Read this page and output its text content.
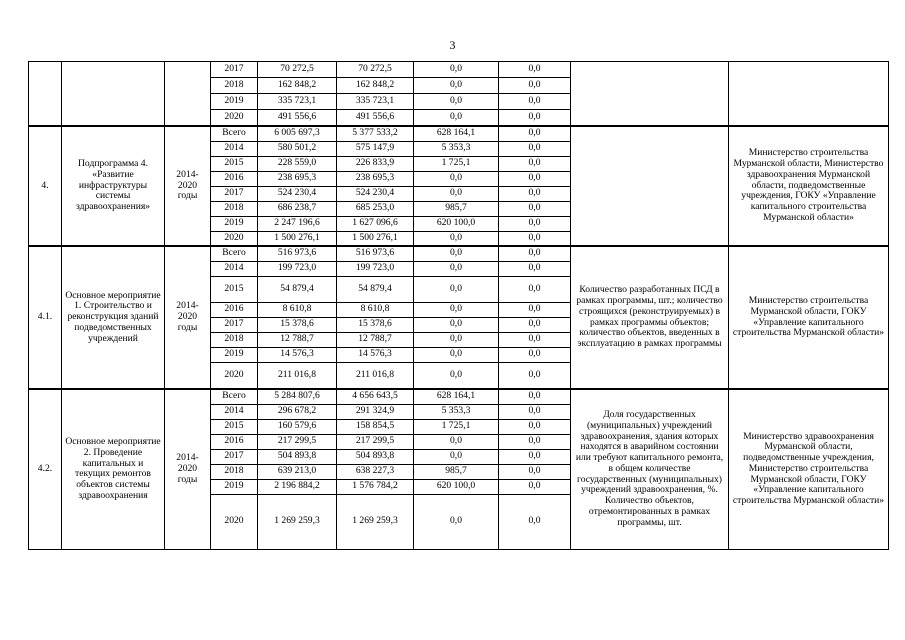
3
			2017	70 272,5	70 272,5	0,0	0,0		
			2018	162 848,2	162 848,2	0,0	0,0		
			2019	335 723,1	335 723,1	0,0	0,0		
			2020	491 556,6	491 556,6	0,0	0,0		
4.	Подпрограмма 4. «Развитие инфраструктуры системы здравоохранения»	2014-2020 годы	Всего	6 005 697,3	5 377 533,2	628 164,1	0,0		Министерство строительства Мурманской области, Министерство здравоохранения Мурманской области, подведомственные учреждения, ГОКУ «Управление капитального строительства Мурманской области»
			2014	580 501,2	575 147,9	5 353,3	0,0		
			2015	228 559,0	226 833,9	1 725,1	0,0		
			2016	238 695,3	238 695,3	0,0	0,0		
			2017	524 230,4	524 230,4	0,0	0,0		
			2018	686 238,7	685 253,0	985,7	0,0		
			2019	2 247 196,6	1 627 096,6	620 100,0	0,0		
			2020	1 500 276,1	1 500 276,1	0,0	0,0		
4.1.	Основное мероприятие 1. Строительство и реконструкция зданий подведомственных учреждений	2014-2020 годы	Всего	516 973,6	516 973,6	0,0	0,0	Количество разработанных ПСД в рамках программы, шт.; количество строящихся (реконструируемых) в рамках программы объектов; количество объектов, введенных в эксплуатацию в рамках программы	Министерство строительства Мурманской области, ГОКУ «Управление капитального строительства Мурманской области»
			2014	199 723,0	199 723,0	0,0	0,0		
			2015	54 879,4	54 879,4	0,0	0,0		
			2016	8 610,8	8 610,8	0,0	0,0		
			2017	15 378,6	15 378,6	0,0	0,0		
			2018	12 788,7	12 788,7	0,0	0,0		
			2019	14 576,3	14 576,3	0,0	0,0		
			2020	211 016,8	211 016,8	0,0	0,0		
4.2.	Основное мероприятие 2. Проведение капитальных и текущих ремонтов объектов системы здравоохранения	2014-2020 годы	Всего	5 284 807,6	4 656 643,5	628 164,1	0,0	Доля государственных (муниципальных) учреждений здравоохранения, здания которых находятся в аварийном состоянии или требуют капитального ремонта, в общем количестве государственных (муниципальных) учреждений здравоохранения, %. Количество объектов, отремонтированных в рамках программы, шт.	Министерство здравоохранения Мурманской области, подведомственные учреждения, Министерство строительства Мурманской области, ГОКУ «Управление капитального строительства Мурманской области»
			2014	296 678,2	291 324,9	5 353,3	0,0		
			2015	160 579,6	158 854,5	1 725,1	0,0		
			2016	217 299,5	217 299,5	0,0	0,0		
			2017	504 893,8	504 893,8	0,0	0,0		
			2018	639 213,0	638 227,3	985,7	0,0		
			2019	2 196 884,2	1 576 784,2	620 100,0	0,0		
			2020	1 269 259,3	1 269 259,3	0,0	0,0		
